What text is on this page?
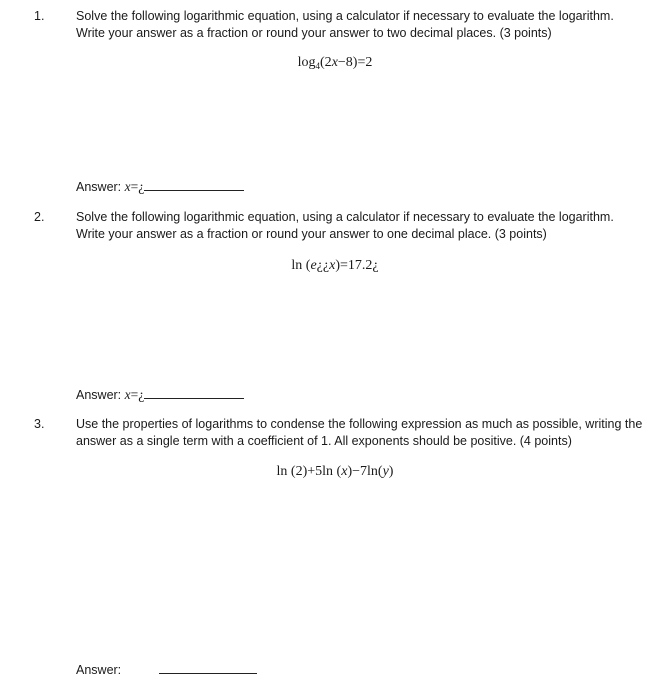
1.	Solve the following logarithmic equation, using a calculator if necessary to evaluate the logarithm.
Write your answer as a fraction or round your answer to two decimal places. (3 points)
$\log_4(2x-8)=2$
Answer: x=¿
2.	Solve the following logarithmic equation, using a calculator if necessary to evaluate the logarithm.
Write your answer as a fraction or round your answer to one decimal place. (3 points)
ln (e¿¿x)=17.2¿
Answer: x=¿
3.	Use the properties of logarithms to condense the following expression as much as possible, writing the
answer as a single term with a coefficient of 1. All exponents should be positive. (4 points)
ln (2)+5ln (x)−7ln(y)
Answer:
